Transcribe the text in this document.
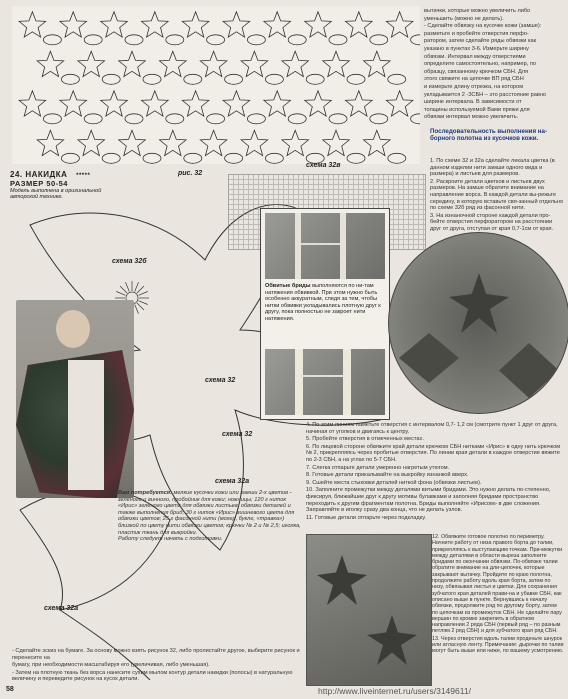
вытачки, которые можно увеличить либо

уменьшить (можно не делать).

- Сделайте обвязку на кусочке кожи (замше):

разметьте и пробейте отверстия перфо-

ратором, затем сделайте ряды обвязки как

указано в пунктах 3-6. Измерьте ширину

обвязки. Интервал между отверстиями

определите самостоятельно, например, по

образцу, связанному крючком СБН. Для

этого свяжите на цепочке ВП ряд СБН

и измерьте длину отрезка, на котором

укладывается 2 -3СБН – это расстояние равно

ширине интервала. В зависимости от

толщины используемой Вами пряжи для

обвязки интервал можно увеличить.

Последовательность выполнения на-борного полотна из кусочков кожи.

1. По схеме 32 и 32а сделайте лекала цветка (в данном изделии нити замши одного вида и размера) и листьев для размеров.

2. Раскроите детали цветков и листьев двух размеров. На замше обратите внимание на направление ворса. В каждой детали вы-режьте середину, в которую вставьте свя-занный отдельно по схеме 32б ряд из фасонной нити.

3. На изнаночной стороне каждой детали про-бейте отверстия перфоратором на расстоянии друг от друга, отступая от края 0,7-1см от края.

24. НАКИДКА *****
РАЗМЕР 50-54
Модель выполнена в оригинальной
авторской технике.
рис. 32
схема 32в
схема 32б
схема 32
схема 32а
схема 32
схема 32а
Обвитые бриды выполняются по ни-там натяжения обвивкой. При этом нужно быть особенно аккуратным, следя за тем, чтобы нитки обвивки укладывались плотную друг к другу, пока полностью не закроет нити натяжения.

4. По этим линиям наметьте отверстия с интервалом 0,7- 1,2 см (смотрите пункт 1 друг от друга, начиная от уголков и двигаясь к центру.

5. Пробейте отверстия в отмеченных местах.

6. По лицевой стороне обвяжите край детали крючком СБН нитками «Ирис» в одну нить крючком № 2, прикрепляясь через пробитые отверстия. По линии края детали в каждое отверстие вяжите по 2-3 СБН, а на углах по 5-7 СБН.

7. Слегка отпарьте детали умеренно нагретым утюгом.

8. Готовые детали прикалывайте на выкройку изнанкой вверх.

9. Сшейте места стыковки деталей ниткой фона (обвязки листьев).

10. Заполните промежутки между деталями витыми бридами. Это нужно делать по-степенно, фиксируя, ближайшие друг к другу мотивы булавками и заполняя бридами пространство переходить к другим фрагментам полотна. Бриды выполняйте «Ирисом» в две сложения. Заправляйте в иголку сразу два конца, что не делать узлов.

11. Готовые детали отпарьте через подкладку.

Вам потребуется: мелкие кусочки кожи или замши 2-х цветов - зеленого и винного, пробойник для кожи; ножницы; 120 г ниток «Ирис» зеленого цвета для обвязки листьев, обвязки деталей и также выполнения брид; 30 г ниток «Ирис» вишневого цвета для обвязки цветов; 25 г фасонной нити (мохер, букле, «травка») близкой по цвету нити обвязки цветов; крючки № 2 и № 2,5; иголка, пластик ткань для выкройки.
Работу следует начать с подготовки.

- Сделайте эскиз на бумаге. За основу можно взять рисунок 32, либо пролистайте другое, выберите рисунок и перенесите на

бумагу, при необходимости масштабируя его (увеличивая, либо уменьшая).

- Затем на плотную ткань без ворса нанесите сухим мылом контур детали накидки (полосы) в натуральную величину и переведите рисунок на кусок детали.

12. Обвяжите готовое полотно по периметру. Начните работу от низа правого борта до талии, прикрепляясь к выступающим точкам. При-межутки между деталями в области выреза заполните бридами по окончании обвязки. По-обвязке талии обратите внимание на дли-цепочек, которые закрывают вытачку. Пройдите по краю полотна, продолжите работу вдоль края борта, затем по низу, обвязывая листья и цветки. Для сохранения зубчатого края деталей прави-на и убавке СБН, как описано выше в пункте. Вернувшись к началу обвязки, продолжите ряд по другому борту, затем по цепочкам из промежуток СБН. Не сделайте пару вершин по кромке закрепить в обратном направлении 2 ряда СБН (первый ряд – по разным петлям 2 ряд СБН) и для зубчатого края ряд СБН.

13. Через отверстия вдоль талии проденьте шнурок или атласную ленту. Примечание: дырочки по талии могут быть выше или ниже, по вашему усмотрению.

58	http://www.liveinternet.ru/users/3149611/
